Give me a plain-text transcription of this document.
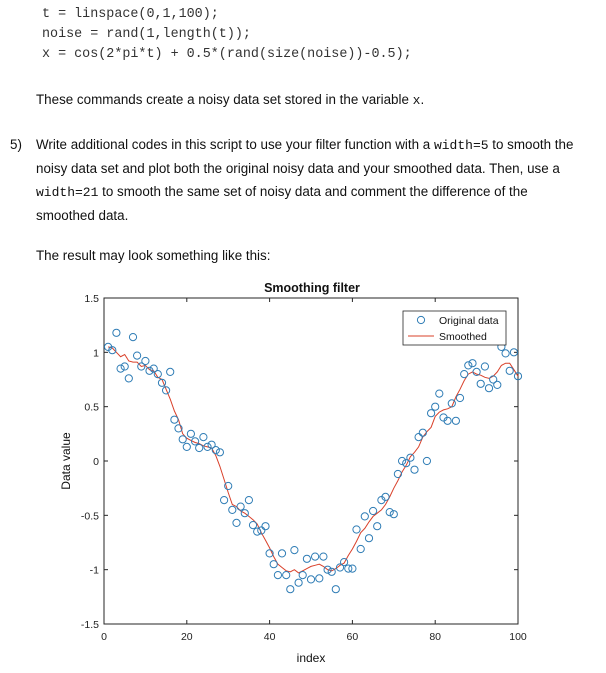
t = linspace(0,1,100);
noise = rand(1,length(t));
x = cos(2*pi*t) + 0.5*(rand(size(noise))-0.5);
These commands create a noisy data set stored in the variable x.
5) Write additional codes in this script to use your filter function with a width=5 to smooth the noisy data set and plot both the original noisy data and your smoothed data. Then, use a width=21 to smooth the same set of noisy data and comment the difference of the smoothed data.
The result may look something like this:
Smoothing filter
1.5
1
0.5
0
-0.5
-1
-1.5
0	20	40	60	80	100
index
Data value
Original data
Smoothed
